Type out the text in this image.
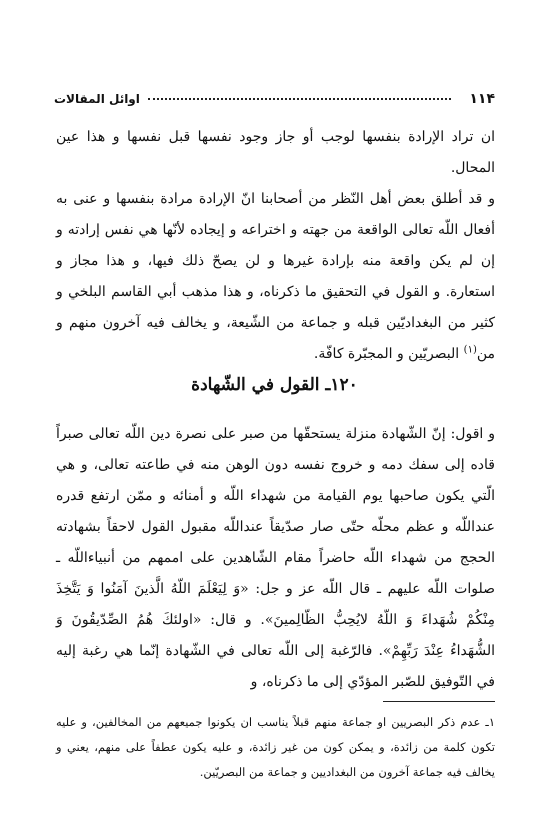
١١۴
اوائل المقالات

ان تراد الإرادة بنفسها لوجب أو جاز وجود نفسها قبل نفسها و هذا عين المحال.

و قد أطلق بعض أهل النّظر من أصحابنا انّ الإرادة مرادة بنفسها و عنى به أفعال اللّه تعالى الواقعة من جهته و اختراعه و إيجاده لأنّها هي نفس إرادته و إن لم يكن واقعة منه بإرادة غيرها و لن يصحّ ذلك فيها، و هذا مجاز و استعارة. و القول في التحقيق ما ذكرناه، و هذا مذهب أبي القاسم البلخي و كثير من البغداديّين قبله و جماعة من الشّيعة، و يخالف فيه آخرون منهم و من$^{(١)}$ البصريّين و المجبّرة كافّة.

١٢٠ـ القول في الشّهادة

و اقول: إنّ الشّهادة منزلة يستحقّها من صبر على نصرة دين اللّه تعالى صبراً قاده إلى سفك دمه و خروج نفسه دون الوهن منه في طاعته تعالى، و هي الّتي يكون صاحبها يوم القيامة من شهداء اللّه و أمنائه و ممّن ارتفع قدره عنداللّه و عظم محلّه حتّى صار صدّيقاً عنداللّه مقبول القول لاحقاً بشهادته الحجج من شهداء اللّه حاضراً مقام الشّاهدين على اممهم من أنبياءاللّه ـ صلوات اللّه عليهم ـ قال اللّه عز و جل: «وَ لِيَعْلَمَ اللّهُ الَّذينَ آمَنُوا وَ يَتَّخِذَ مِنْكُمْ شُهَداءَ وَ اللّهُ لايُحِبُّ الظّالِمينَ». و قال: «اولئكَ هُمُ الصِّدّيقُونَ وَ الشُّهَداءُ عِنْدَ رَبِّهِمْ». فالرّغبة إلى اللّه تعالى في الشّهادة إنّما هي رغبة إليه في التّوفيق للصّبر المؤدّي إلى ما ذكرناه، و

١ـ عدم ذكر البصريين او جماعة منهم قبلاً يناسب ان يكونوا جميعهم من المخالفين، و عليه تكون كلمة من زائدة، و يمكن كون من غير زائدة، و عليه يكون عطفاً على منهم، يعني و يخالف فيه جماعة آخرون من البغداديين و جماعة من البصريّين.
